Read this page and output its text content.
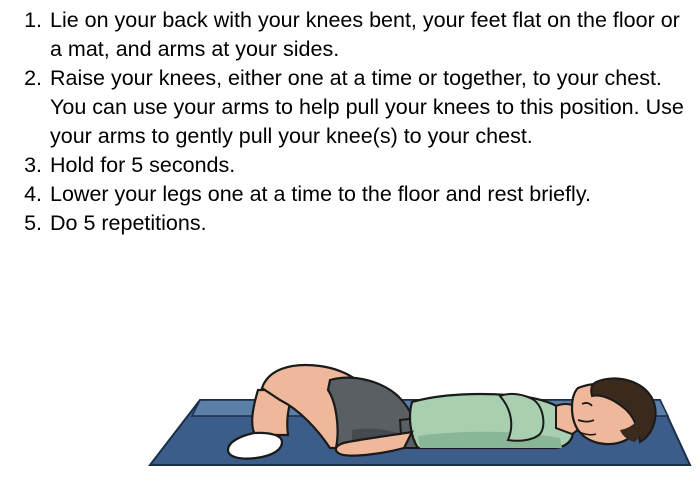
1. Lie on your back with your knees bent, your feet flat on the floor or a mat, and arms at your sides.
2. Raise your knees, either one at a time or together, to your chest. You can use your arms to help pull your knees to this position. Use your arms to gently pull your knee(s) to your chest.
3. Hold for 5 seconds.
4. Lower your legs one at a time to the floor and rest briefly.
5. Do 5 repetitions.
